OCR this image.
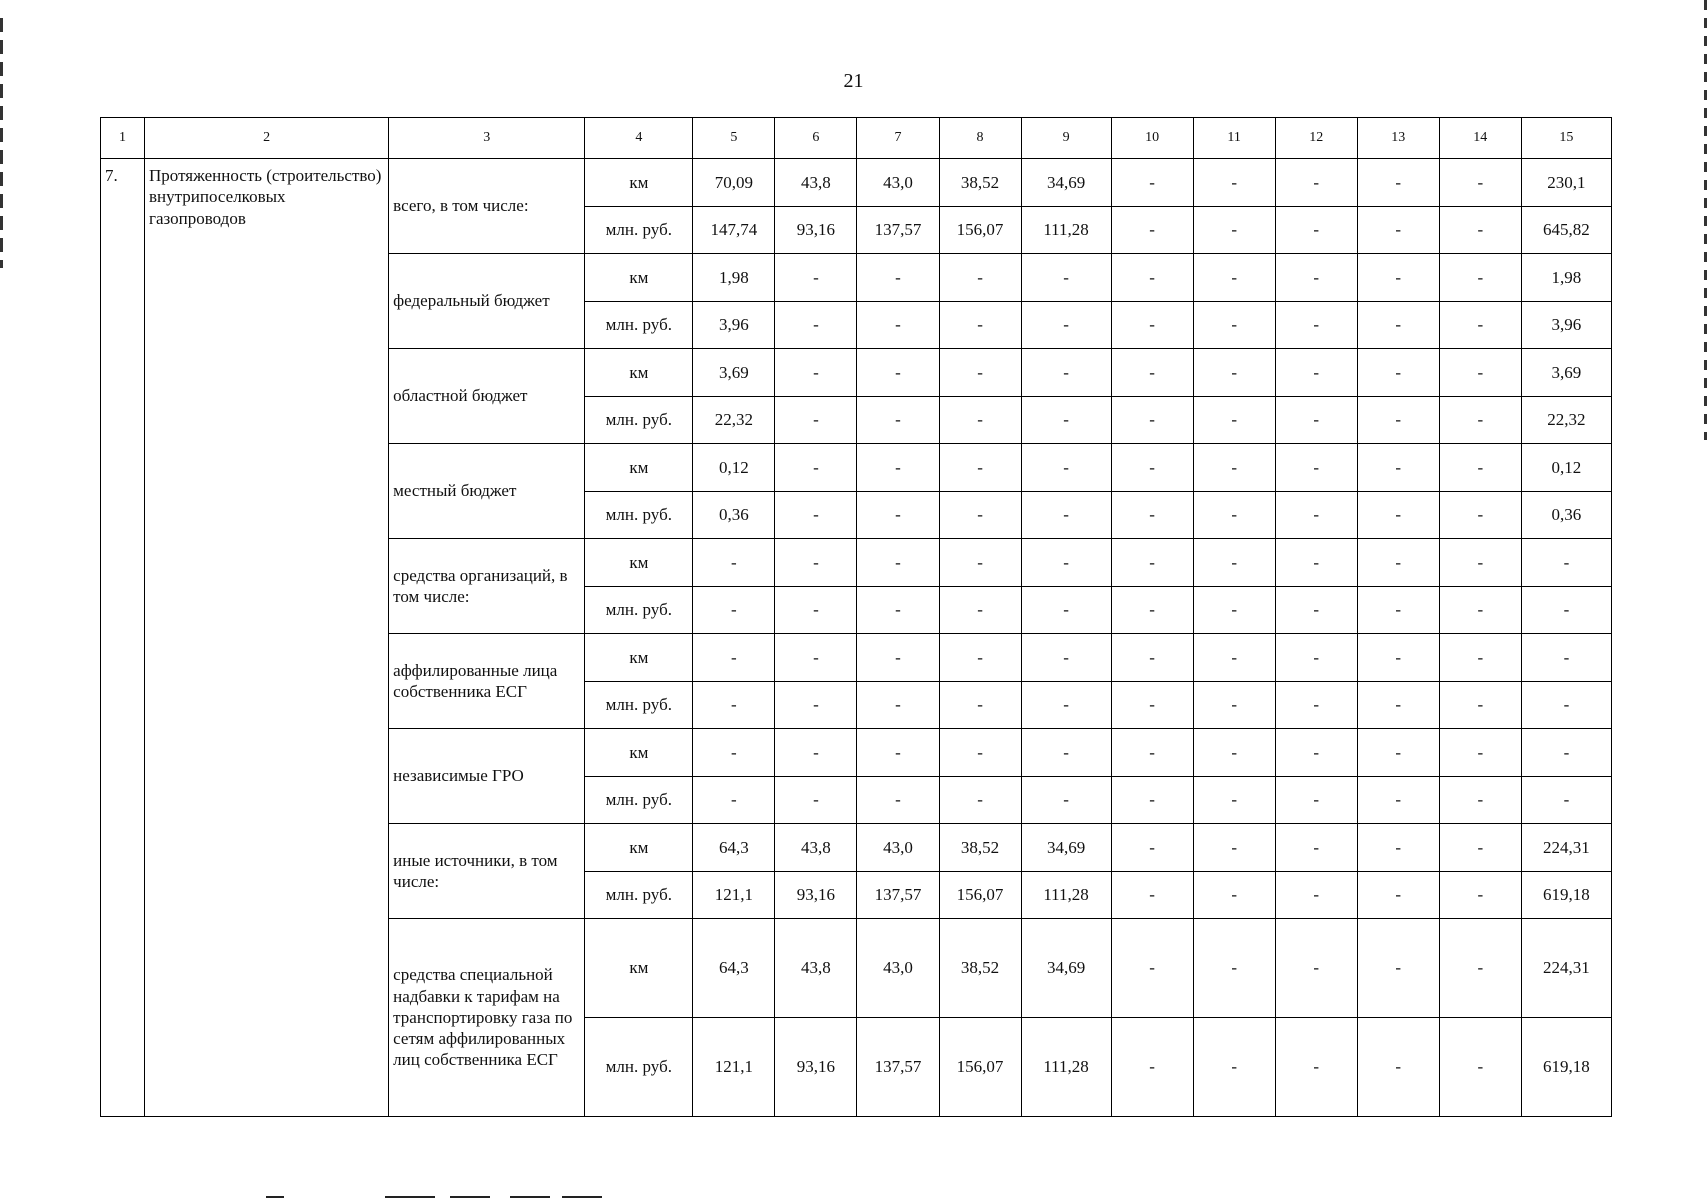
21
1	2	3	4	5	6	7	8	9	10	11	12	13	14	15
7.	Протяженность (строительство) внутрипоселковых газопроводов	всего, в том числе:	км	70,09	43,8	43,0	38,52	34,69	-	-	-	-	-	230,1
			млн. руб.	147,74	93,16	137,57	156,07	111,28	-	-	-	-	-	645,82
		федеральный бюджет	км	1,98	-	-	-	-	-	-	-	-	-	1,98
			млн. руб.	3,96	-	-	-	-	-	-	-	-	-	3,96
		областной бюджет	км	3,69	-	-	-	-	-	-	-	-	-	3,69
			млн. руб.	22,32	-	-	-	-	-	-	-	-	-	22,32
		местный бюджет	км	0,12	-	-	-	-	-	-	-	-	-	0,12
			млн. руб.	0,36	-	-	-	-	-	-	-	-	-	0,36
		средства организаций, в том числе:	км	-	-	-	-	-	-	-	-	-	-	-
			млн. руб.	-	-	-	-	-	-	-	-	-	-	-
		аффилированные лица собственника ЕСГ	км	-	-	-	-	-	-	-	-	-	-	-
			млн. руб.	-	-	-	-	-	-	-	-	-	-	-
		независимые ГРО	км	-	-	-	-	-	-	-	-	-	-	-
			млн. руб.	-	-	-	-	-	-	-	-	-	-	-
		иные источники, в том числе:	км	64,3	43,8	43,0	38,52	34,69	-	-	-	-	-	224,31
			млн. руб.	121,1	93,16	137,57	156,07	111,28	-	-	-	-	-	619,18
		средства специальной надбавки к тарифам на транспортировку газа по сетям аффилированных лиц собственника ЕСГ	км	64,3	43,8	43,0	38,52	34,69	-	-	-	-	-	224,31
			млн. руб.	121,1	93,16	137,57	156,07	111,28	-	-	-	-	-	619,18
